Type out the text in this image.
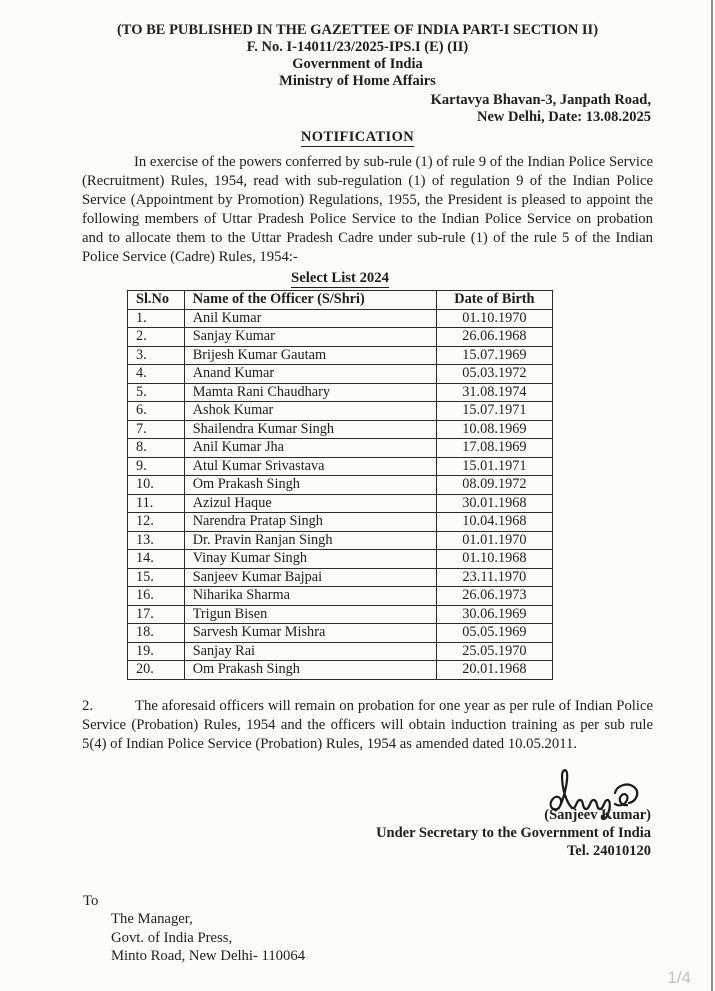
(TO BE PUBLISHED IN THE GAZETTEE OF INDIA PART-I SECTION II)
F. No. I-14011/23/2025-IPS.I (E) (II)
Government of India
Ministry of Home Affairs
Kartavya Bhavan-3, Janpath Road,
New Delhi, Date: 13.08.2025
NOTIFICATION

In exercise of the powers conferred by sub-rule (1) of rule 9 of the Indian Police Service (Recruitment) Rules, 1954, read with sub-regulation (1) of regulation 9 of the Indian Police Service (Appointment by Promotion) Regulations, 1955, the President is pleased to appoint the following members of Uttar Pradesh Police Service to the Indian Police Service on probation and to allocate them to the Uttar Pradesh Cadre under sub-rule (1) of the rule 5 of the Indian Police Service (Cadre) Rules, 1954:-

Select List 2024
Sl.No	Name of the Officer (S/Shri)	Date of Birth
1.	Anil Kumar	01.10.1970
2.	Sanjay Kumar	26.06.1968
3.	Brijesh Kumar Gautam	15.07.1969
4.	Anand Kumar	05.03.1972
5.	Mamta Rani Chaudhary	31.08.1974
6.	Ashok Kumar	15.07.1971
7.	Shailendra Kumar Singh	10.08.1969
8.	Anil Kumar Jha	17.08.1969
9.	Atul Kumar Srivastava	15.01.1971
10.	Om Prakash Singh	08.09.1972
11.	Azizul Haque	30.01.1968
12.	Narendra Pratap Singh	10.04.1968
13.	Dr. Pravin Ranjan Singh	01.01.1970
14.	Vinay Kumar Singh	01.10.1968
15.	Sanjeev Kumar Bajpai	23.11.1970
16.	Niharika Sharma	26.06.1973
17.	Trigun Bisen	30.06.1969
18.	Sarvesh Kumar Mishra	05.05.1969
19.	Sanjay Rai	25.05.1970
20.	Om Prakash Singh	20.01.1968

2.	The aforesaid officers will remain on probation for one year as per rule of Indian Police Service (Probation) Rules, 1954 and the officers will obtain induction training as per sub rule 5(4) of Indian Police Service (Probation) Rules, 1954 as amended dated 10.05.2011.

(Sanjeev Kumar)
Under Secretary to the Government of India
Tel. 24010120
To
The Manager,
Govt. of India Press,
Minto Road, New Delhi- 110064
1/4
